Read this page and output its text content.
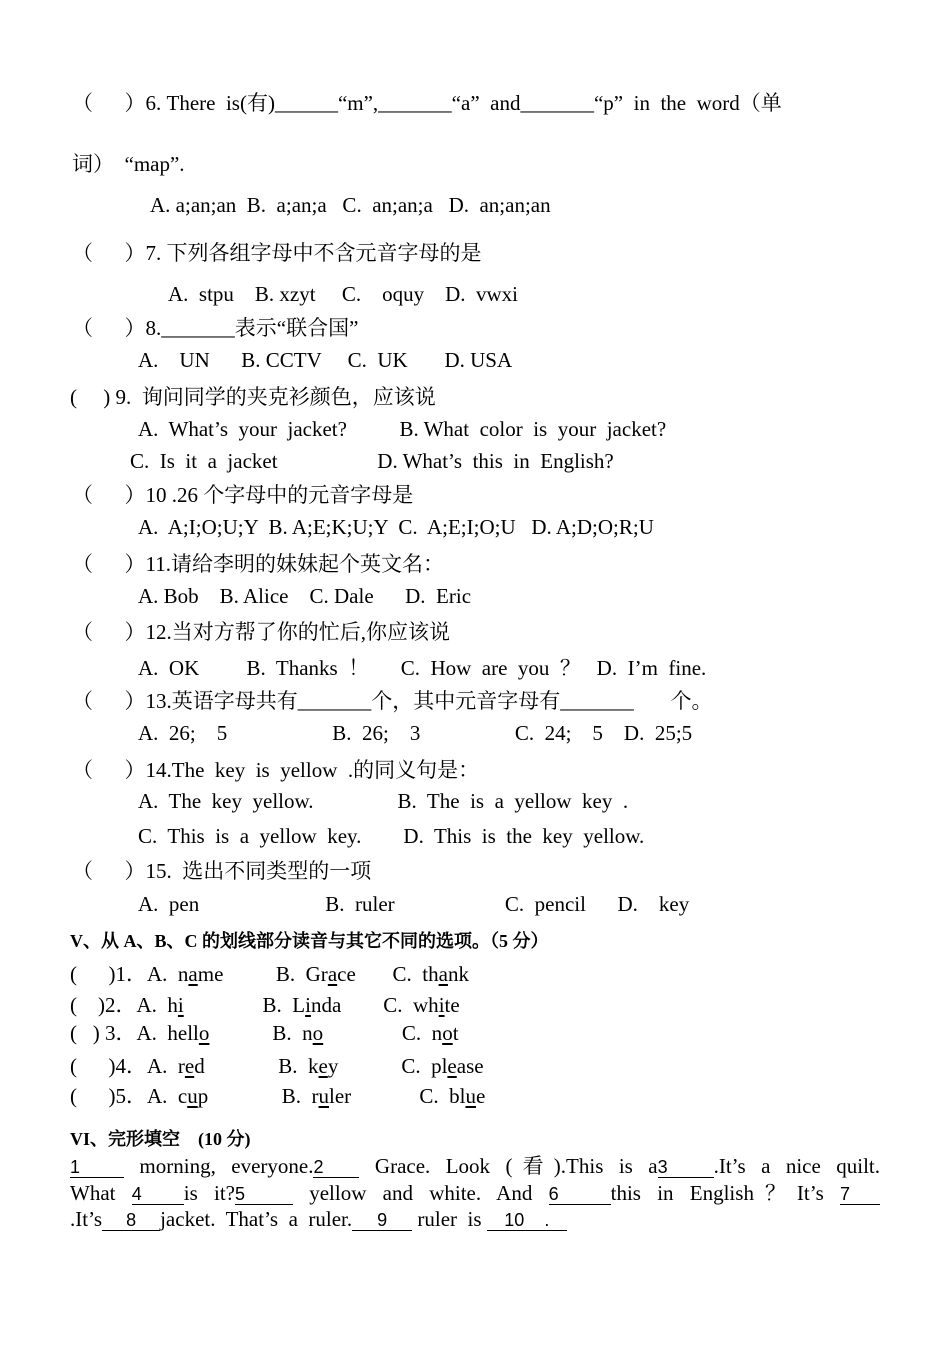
（      ）6. There  is(有)______“m”,_______“a”  and_______“p”  in  the  word（单
词）  “map”.
A. a;an;an  B.  a;an;a   C.  an;an;a   D.  an;an;an
（      ）7. 下列各组字母中不含元音字母的是
A.  stpu    B. xzyt     C.    oquy    D.  vwxi
（      ）8._______表示“联合国”
A.    UN      B. CCTV     C.  UK       D. USA
(     ) 9.  询问同学的夹克衫颜色，应该说
A.  What’s  your  jacket?          B. What  color  is  your  jacket?
C.  Is  it  a  jacket                   D. What’s  this  in  English?
（      ）10 .26 个字母中的元音字母是
A.  A;I;O;U;Y  B. A;E;K;U;Y  C.  A;E;I;O;U   D. A;D;O;R;U
（      ）11.请给李明的妹妹起个英文名：
A. Bob    B. Alice    C. Dale      D.  Eric
（      ）12.当对方帮了你的忙后,你应该说
A.  OK         B.  Thanks  ！      C.  How  are  you  ？   D.  I’m  fine.
（      ）13.英语字母共有_______个，其中元音字母有_______       个。
A.  26;    5                    B.  26;    3                  C.  24;    5    D.  25;5
（      ）14.The  key  is  yellow  .的同义句是：
A.  The  key  yellow.                B.  The  is  a  yellow  key  .
C.  This  is  a  yellow  key.        D.  This  is  the  key  yellow.
（      ）15.  选出不同类型的一项
A.  pen                        B.  ruler                     C.  pencil      D.    key
V、从 A、B、C 的划线部分读音与其它不同的选项。（5 分）
(      )1．A.  name          B.  Grace       C.  thank
(    )2．A.  hi               B.  Linda        C.  white
(   ) 3．A.  hello            B.  no               C.  not
(      )4．A.  red              B.  key            C.  please
(      )5．A.  cup              B.  ruler             C.  blue
VI、完形填空    (10 分)
1 morning, everyone.2 Grace. Look (看).This is a3 .It’s a nice quilt.
What 4 is it?5 yellow and white. And 6 this in English？It’s 7
.It’s 8 jacket.  That’s  a  ruler. 9 ruler  is 10 .
